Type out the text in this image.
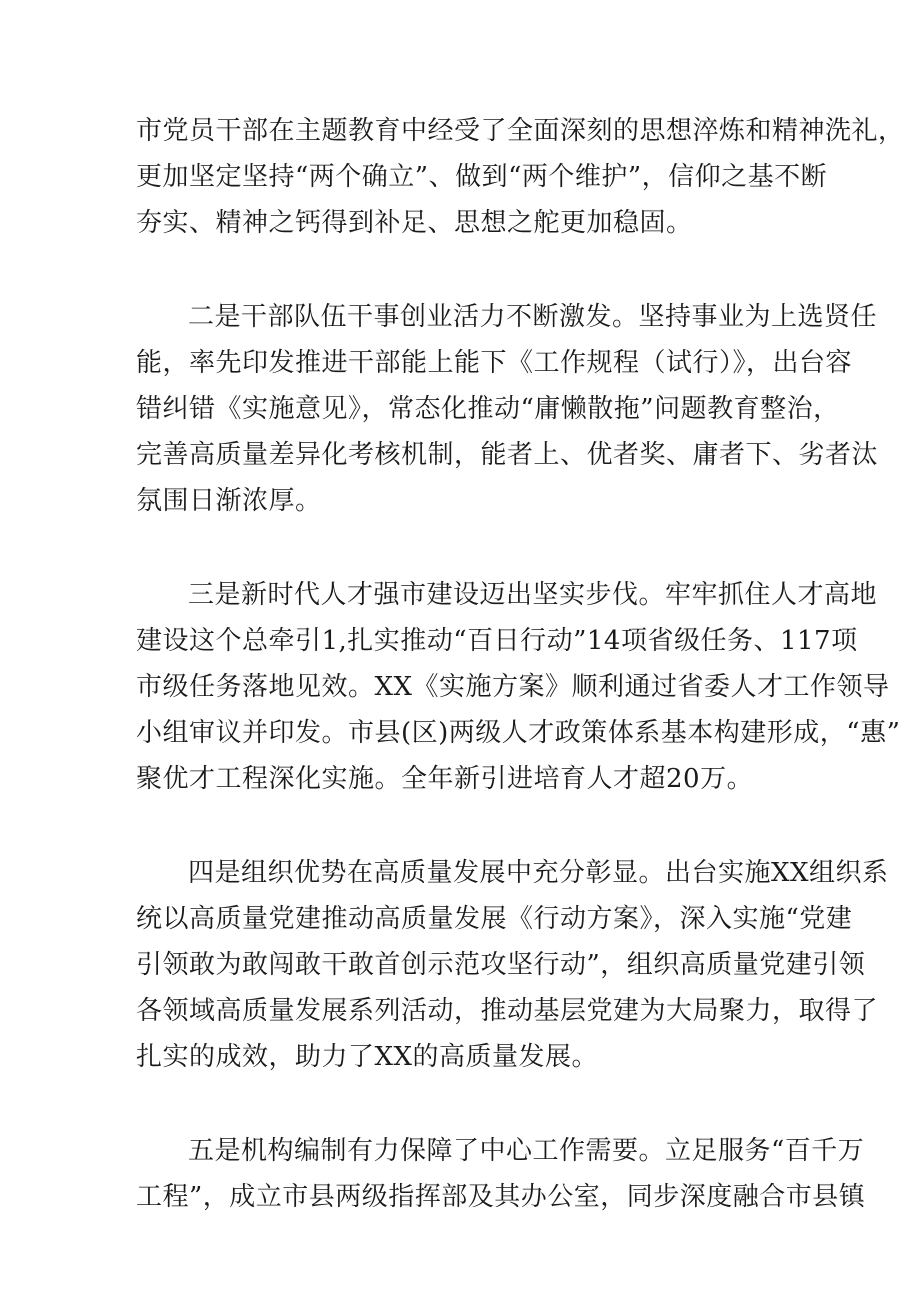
市党员干部在主题教育中经受了全面深刻的思想淬炼和精神洗礼，
更加坚定坚持“两个确立”、做到“两个维护”，信仰之基不断
夯实、精神之钙得到补足、思想之舵更加稳固。
二是干部队伍干事创业活力不断激发。坚持事业为上选贤任
能，率先印发推进干部能上能下《工作规程（试行）》，出台容
错纠错《实施意见》，常态化推动“庸懒散拖”问题教育整治，
完善高质量差异化考核机制，能者上、优者奖、庸者下、劣者汰
氛围日渐浓厚。
三是新时代人才强市建设迈出坚实步伐。牢牢抓住人才高地
建设这个总牵引1,扎实推动“百日行动”14项省级任务、117项
市级任务落地见效。XX《实施方案》顺利通过省委人才工作领导
小组审议并印发。市县(区)两级人才政策体系基本构建形成，“惠”
聚优才工程深化实施。全年新引进培育人才超20万。
四是组织优势在高质量发展中充分彰显。出台实施XX组织系
统以高质量党建推动高质量发展《行动方案》，深入实施“党建
引领敢为敢闯敢干敢首创示范攻坚行动”，组织高质量党建引领
各领域高质量发展系列活动，推动基层党建为大局聚力，取得了
扎实的成效，助力了XX的高质量发展。
五是机构编制有力保障了中心工作需要。立足服务“百千万
工程”，成立市县两级指挥部及其办公室，同步深度融合市县镇
